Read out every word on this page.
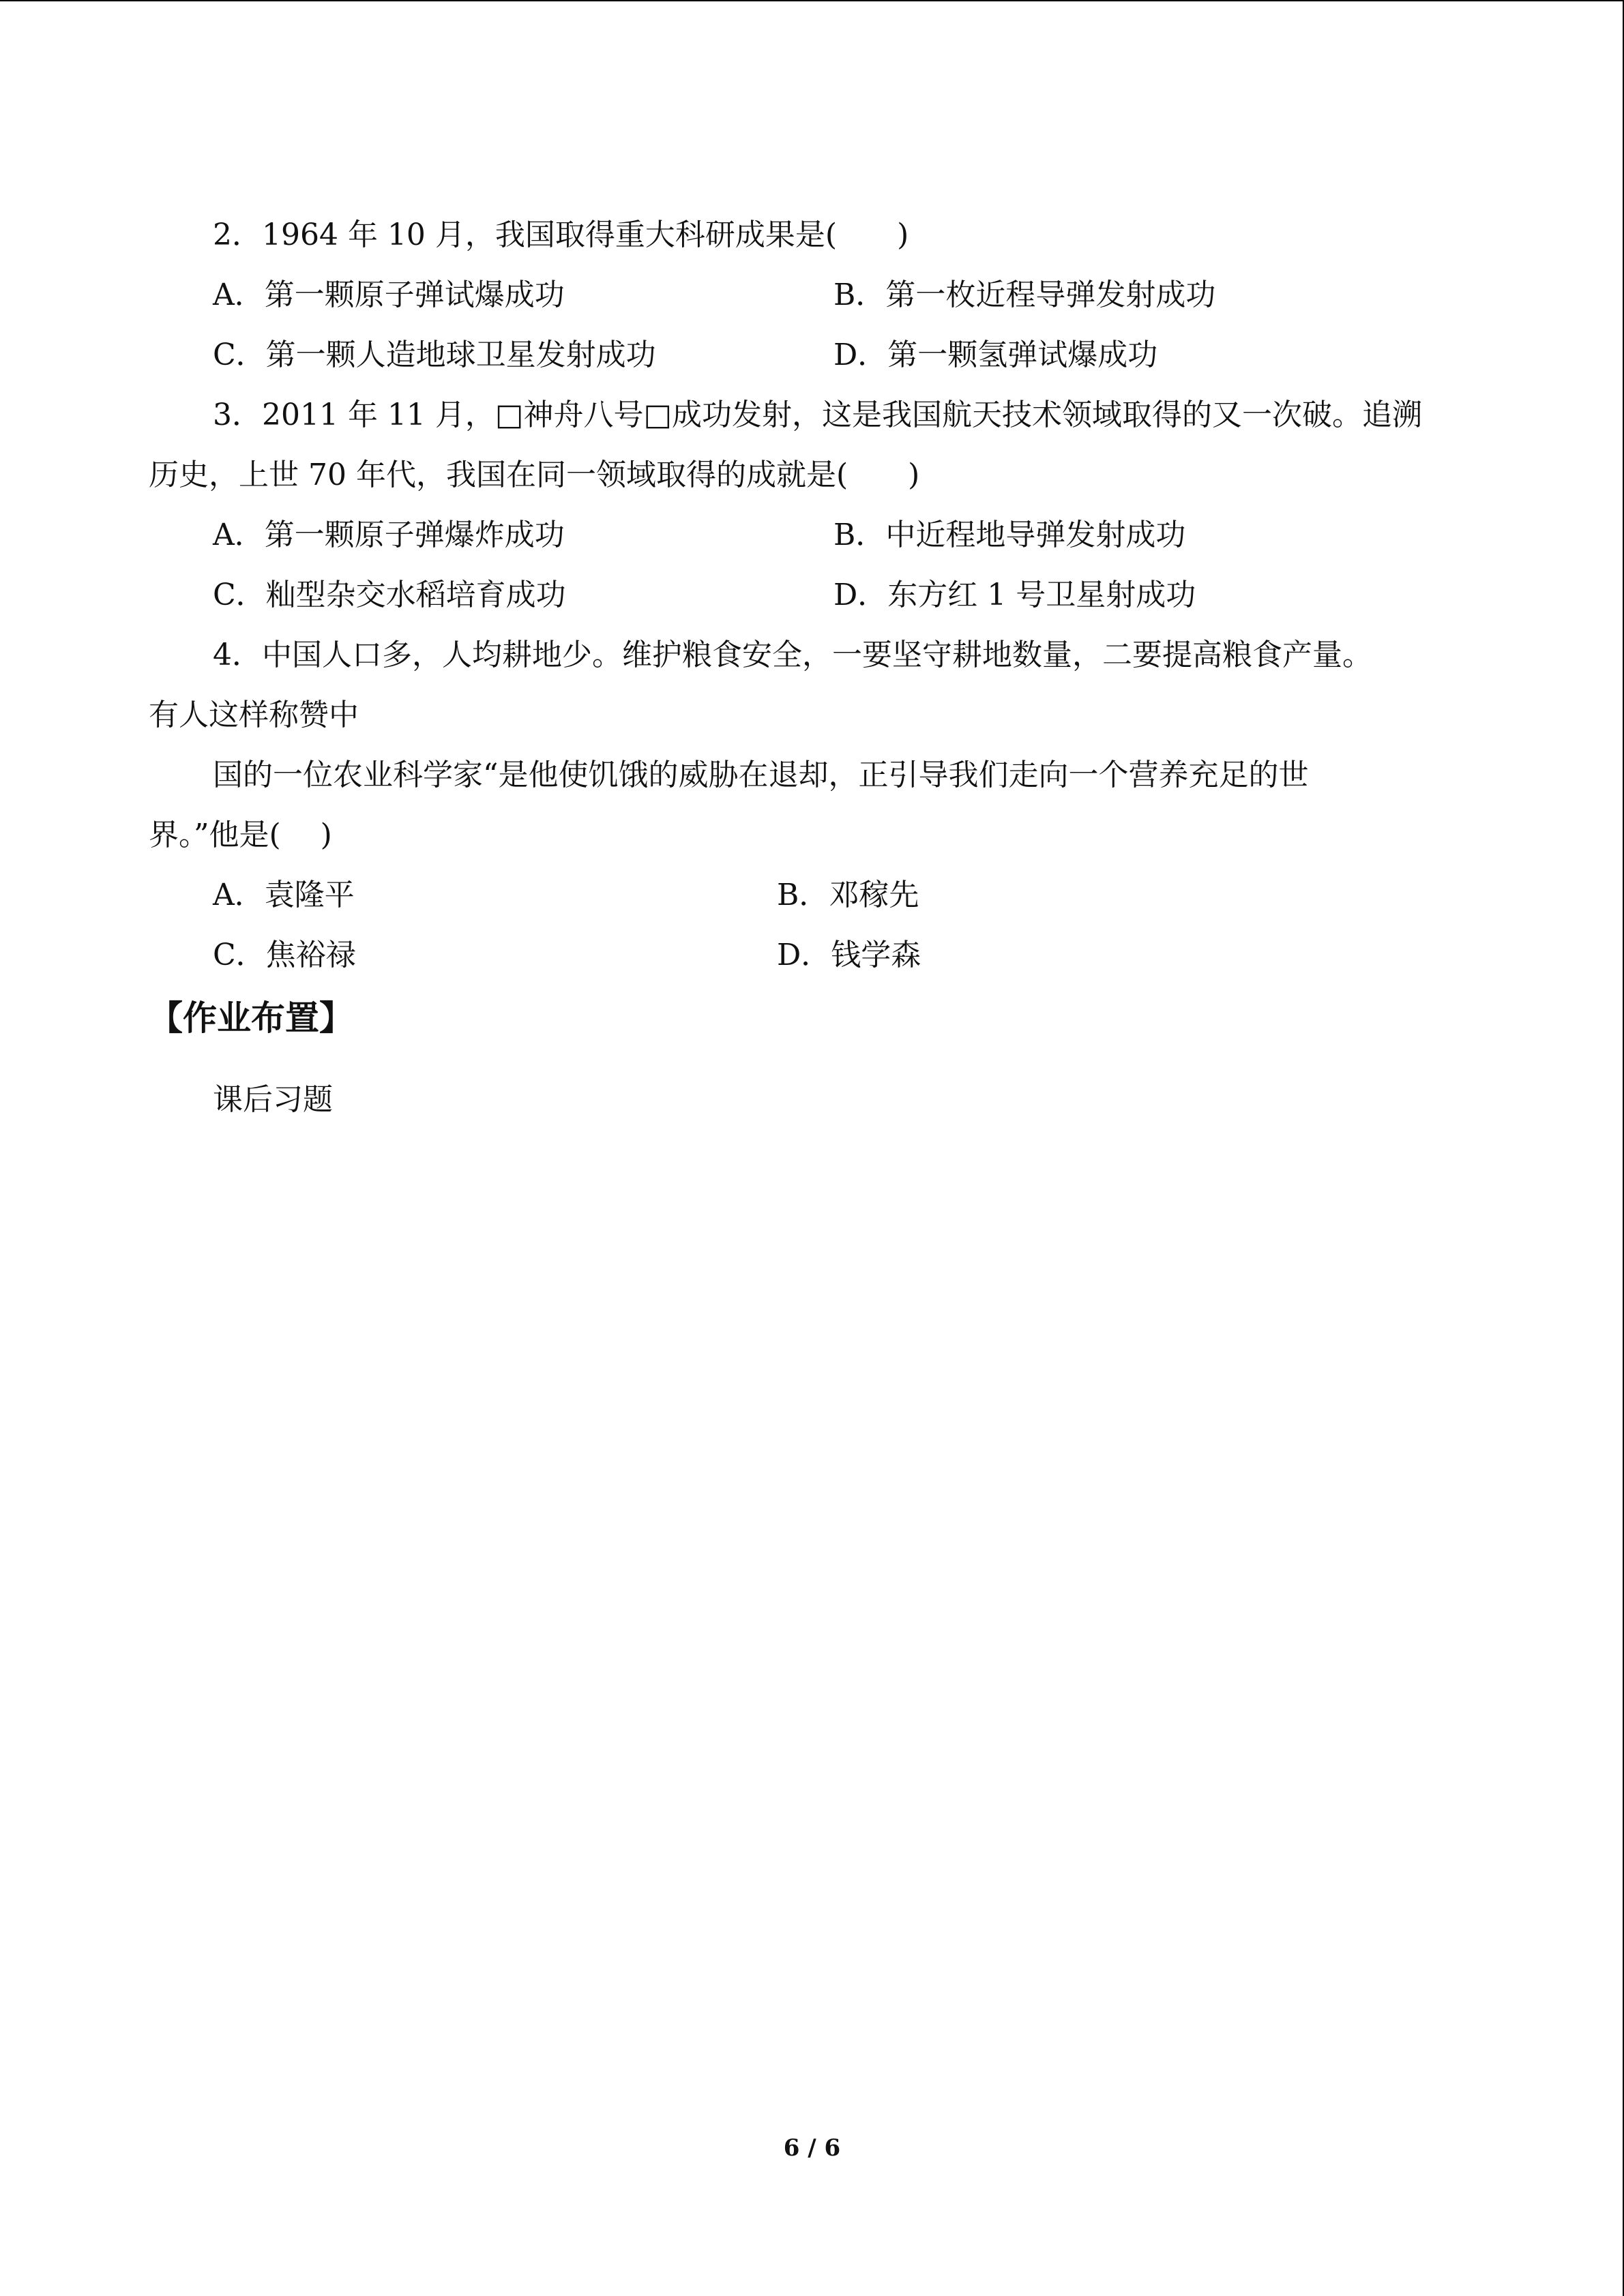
2．1964 年 10 月，我国取得重大科研成果是(　　)
A．第一颗原子弹试爆成功	B．第一枚近程导弹发射成功
C．第一颗人造地球卫星发射成功	D．第一颗氢弹试爆成功
3．2011 年 11 月，□神舟八号□成功发射，这是我国航天技术领域取得的又一次破。追溯
历史，上世 70 年代，我国在同一领域取得的成就是(　　)
A．第一颗原子弹爆炸成功	B．中近程地导弹发射成功
C．籼型杂交水稻培育成功	D．东方红 1 号卫星射成功
4．中国人口多，人均耕地少。维护粮食安全，一要坚守耕地数量，二要提高粮食产量。
有人这样称赞中
国的一位农业科学家“是他使饥饿的威胁在退却，正引导我们走向一个营养充足的世
界。”他是(　 )
A．袁隆平	B．邓稼先
C．焦裕禄	D．钱学森
【作业布置】
课后习题
6 / 6
